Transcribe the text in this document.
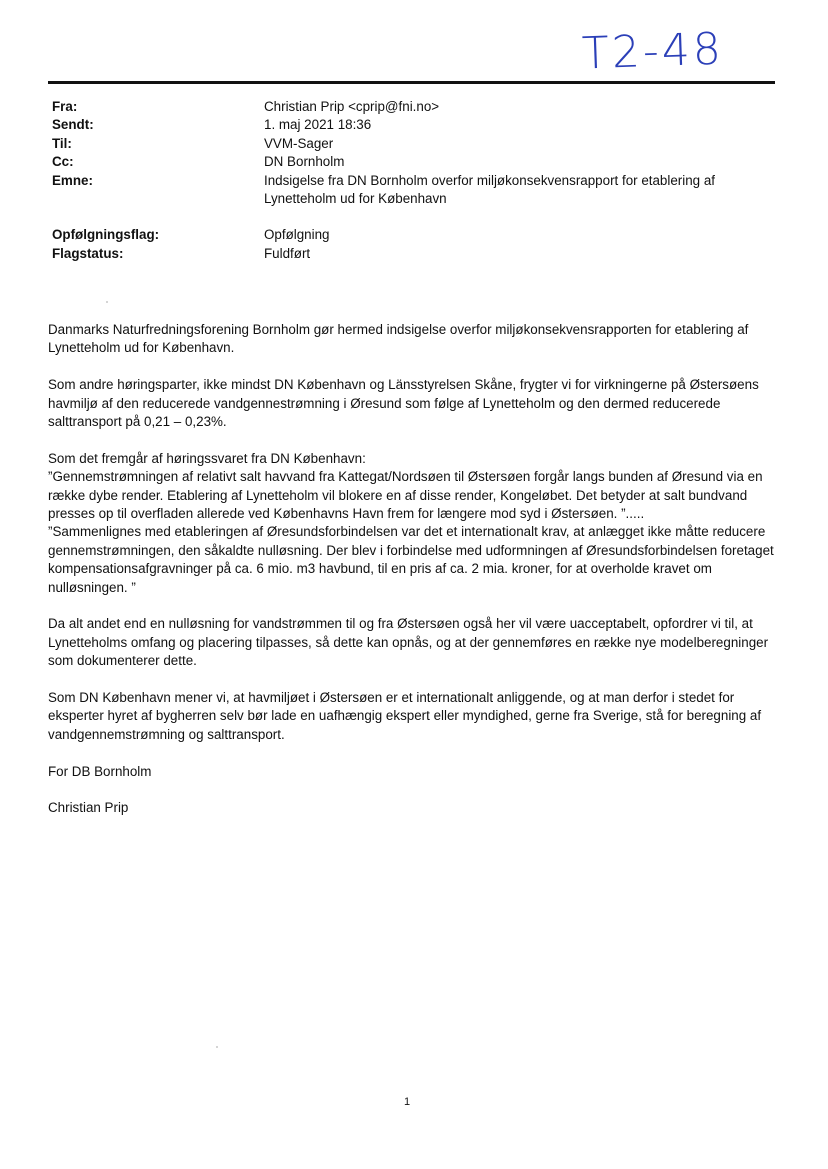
T2-48
Fra:	Christian Prip <cprip@fni.no>
Sendt:	1. maj 2021 18:36
Til:	VVM-Sager
Cc:	DN Bornholm
Emne:	Indsigelse fra DN Bornholm overfor miljøkonsekvensrapport for etablering af Lynetteholm ud for København
Opfølgningsflag:	Opfølgning
Flagstatus:	Fuldført

Danmarks Naturfredningsforening Bornholm gør hermed indsigelse overfor miljøkonsekvensrapporten for etablering af Lynetteholm ud for København.

Som andre høringsparter, ikke mindst DN København og Länsstyrelsen Skåne, frygter vi for virkningerne på Østersøens havmiljø af den reducerede vandgennestrømning i Øresund som følge af Lynetteholm og den dermed reducerede salttransport på 0,21 – 0,23%.

Som det fremgår af høringssvaret fra DN København:

”Gennemstrømningen af relativt salt havvand fra Kattegat/Nordsøen til Østersøen forgår langs bunden af Øresund via en række dybe render. Etablering af Lynetteholm vil blokere en af disse render, Kongeløbet. Det betyder at salt bundvand presses op til overfladen allerede ved Københavns Havn frem for længere mod syd i Østersøen. ”.....

”Sammenlignes med etableringen af Øresundsforbindelsen var det et internationalt krav, at anlægget ikke måtte reducere gennemstrømningen, den såkaldte nulløsning. Der blev i forbindelse med udformningen af Øresundsforbindelsen foretaget kompensationsafgravninger på ca. 6 mio. m3 havbund, til en pris af ca. 2 mia. kroner, for at overholde kravet om nulløsningen. ”

Da alt andet end en nulløsning for vandstrømmen til og fra Østersøen også her vil være uacceptabelt, opfordrer vi til, at Lynetteholms omfang og placering tilpasses, så dette kan opnås, og at der gennemføres en række nye modelberegninger som dokumenterer dette.

Som DN København mener vi, at havmiljøet i Østersøen er et internationalt anliggende, og at man derfor i stedet for eksperter hyret af bygherren selv bør lade en uafhængig ekspert eller myndighed, gerne fra Sverige, stå for beregning af vandgennemstrømning og salttransport.

For DB Bornholm

Christian Prip

1
